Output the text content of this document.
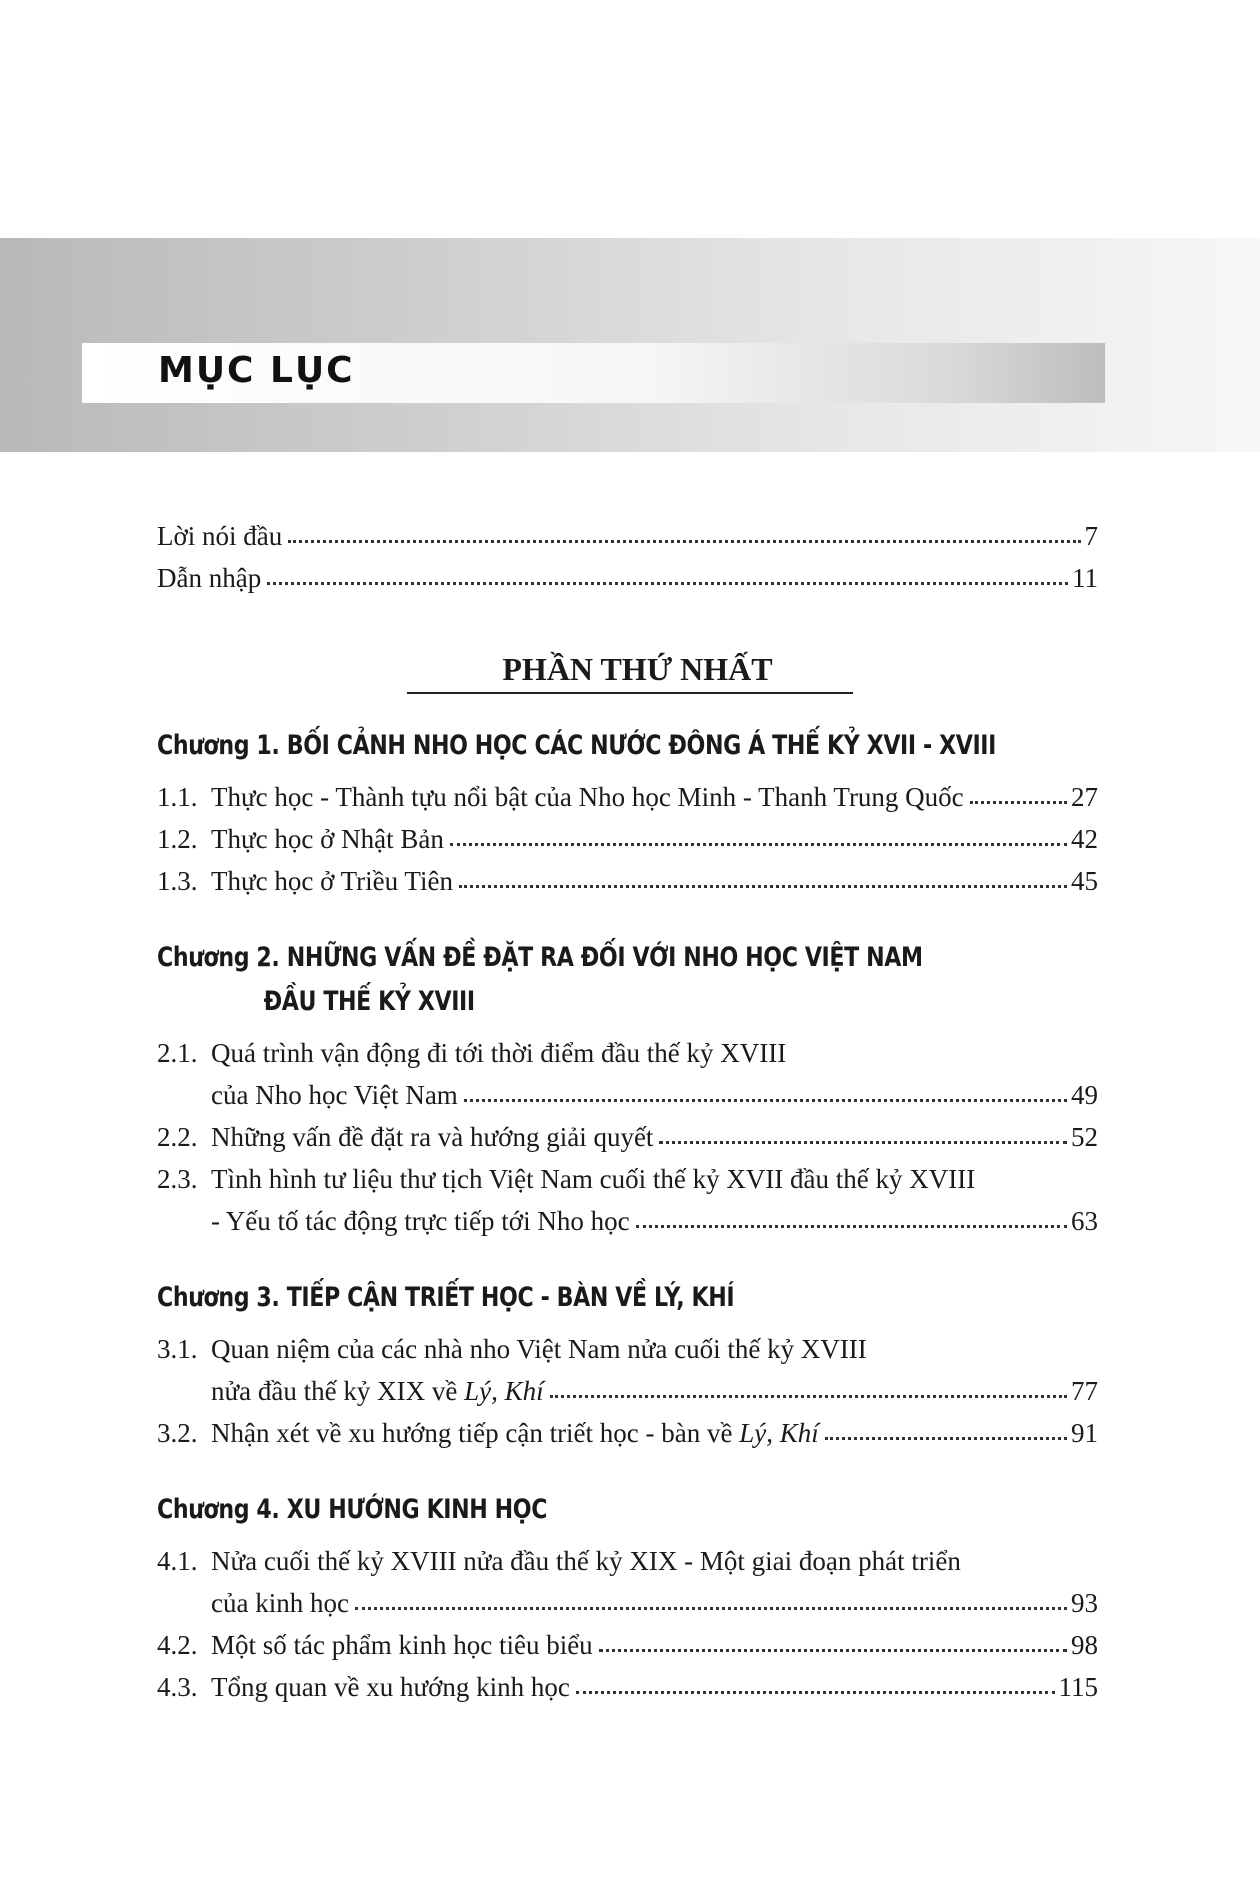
MỤC LỤC
Lời nói đầu	7
Dẫn nhập	11
PHẦN THỨ NHẤT
Chương 1. BỐI CẢNH NHO HỌC CÁC NƯỚC ĐÔNG Á THẾ KỶ XVII - XVIII
1.1. Thực học - Thành tựu nổi bật của Nho học Minh - Thanh Trung Quốc	27
1.2. Thực học ở Nhật Bản	42
1.3. Thực học ở Triều Tiên	45
Chương 2. NHỮNG VẤN ĐỀ ĐẶT RA ĐỐI VỚI NHO HỌC VIỆT NAM
ĐẦU THẾ KỶ XVIII
2.1. Quá trình vận động đi tới thời điểm đầu thế kỷ XVIII
của Nho học Việt Nam	49
2.2. Những vấn đề đặt ra và hướng giải quyết	52
2.3. Tình hình tư liệu thư tịch Việt Nam cuối thế kỷ XVII đầu thế kỷ XVIII
- Yếu tố tác động trực tiếp tới Nho học	63
Chương 3. TIẾP CẬN TRIẾT HỌC - BÀN VỀ LÝ, KHÍ
3.1. Quan niệm của các nhà nho Việt Nam nửa cuối thế kỷ XVIII
nửa đầu thế kỷ XIX về Lý, Khí	77
3.2. Nhận xét về xu hướng tiếp cận triết học - bàn về Lý, Khí	91
Chương 4. XU HƯỚNG KINH HỌC
4.1. Nửa cuối thế kỷ XVIII nửa đầu thế kỷ XIX - Một giai đoạn phát triển
của kinh học	93
4.2. Một số tác phẩm kinh học tiêu biểu	98
4.3. Tổng quan về xu hướng kinh học	115
